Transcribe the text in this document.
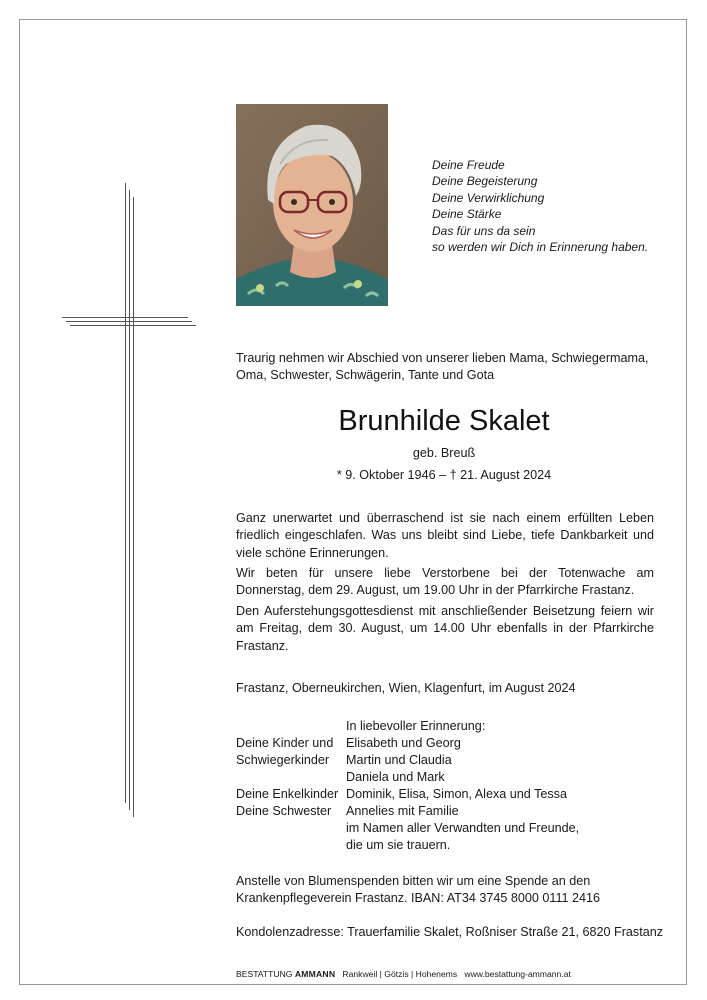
Deine Freude
Deine Begeisterung
Deine Verwirklichung
Deine Stärke
Das für uns da sein
so werden wir Dich in Erinnerung haben.
Traurig nehmen wir Abschied von unserer lieben Mama, Schwiegermama, Oma, Schwester, Schwägerin, Tante und Gota
Brunhilde Skalet
geb. Breuß
* 9. Oktober 1946 – † 21. August 2024
Ganz unerwartet und überraschend ist sie nach einem erfüllten Leben friedlich eingeschlafen. Was uns bleibt sind Liebe, tiefe Dankbarkeit und viele schöne Erinnerungen.
Wir beten für unsere liebe Verstorbene bei der Totenwache am Donnerstag, dem 29. August, um 19.00 Uhr in der Pfarrkirche Frastanz.
Den Auferstehungsgottesdienst mit anschließender Beisetzung feiern wir am Freitag, dem 30. August, um 14.00 Uhr ebenfalls in der Pfarrkirche Frastanz.
Frastanz, Oberneukirchen, Wien, Klagenfurt, im August 2024
In liebevoller Erinnerung:
Deine Kinder und	Elisabeth und Georg
Schwiegerkinder	Martin und Claudia
Daniela und Mark
Deine Enkelkinder Dominik, Elisa, Simon, Alexa und Tessa
Deine Schwester	Annelies mit Familie
im Namen aller Verwandten und Freunde,
die um sie trauern.
Anstelle von Blumenspenden bitten wir um eine Spende an den Krankenpflegeverein Frastanz. IBAN: AT34 3745 8000 0111 2416
Kondolenzadresse: Trauerfamilie Skalet, Roßniser Straße 21, 6820 Frastanz
BESTATTUNG AMMANN Rankweil | Götzis | Hohenems www.bestattung-ammann.at
